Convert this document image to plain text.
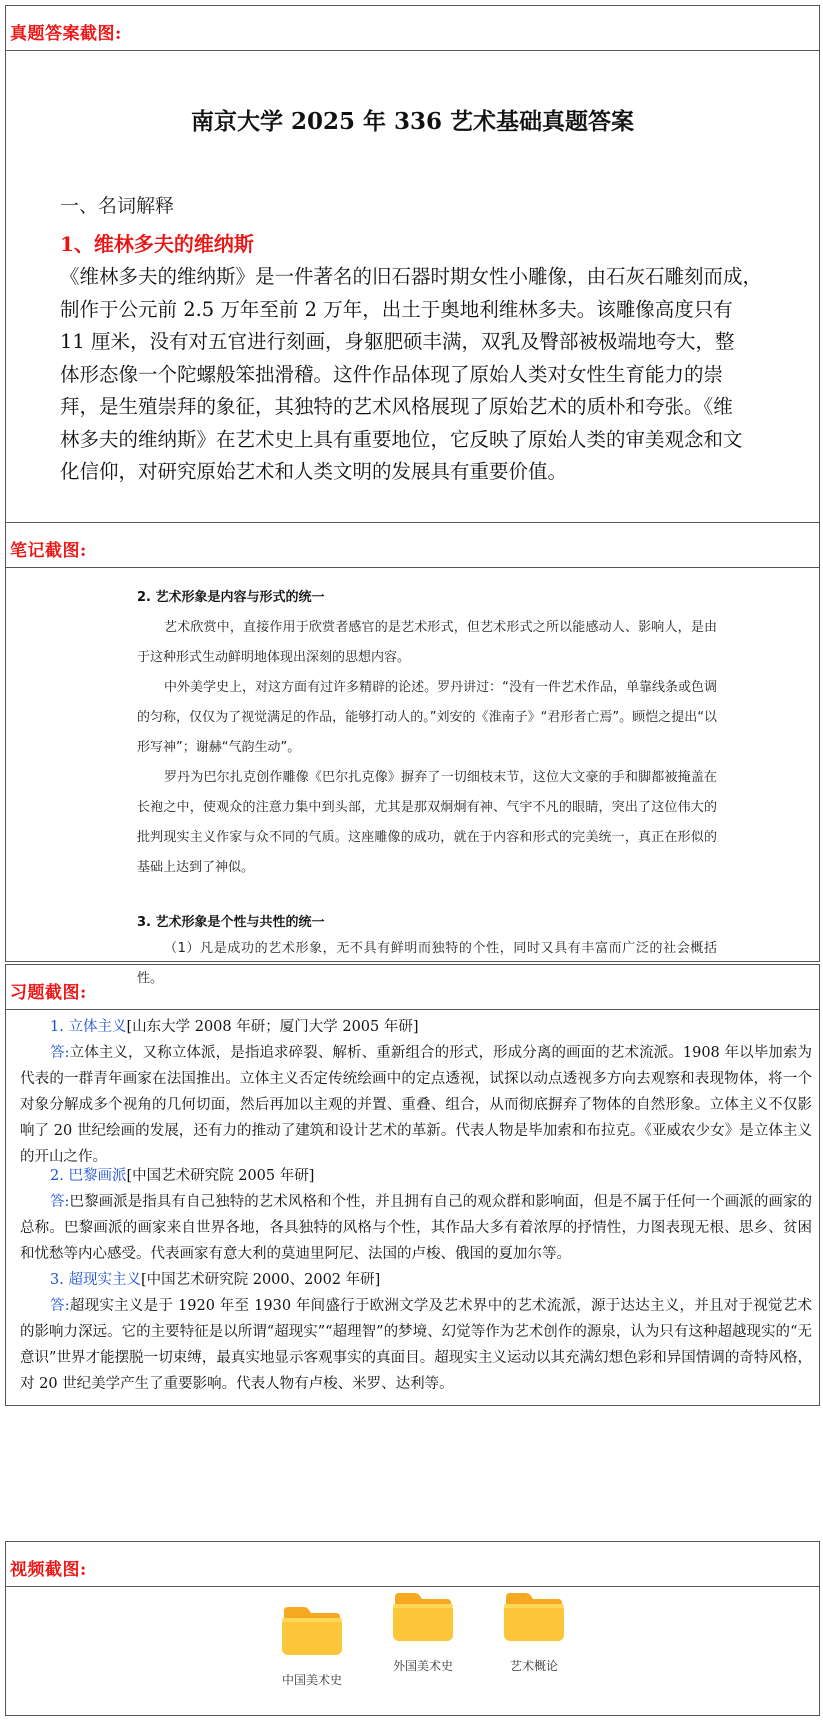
真题答案截图:
南京大学 2025 年 336 艺术基础真题答案
一、名词解释
1、维林多夫的维纳斯
《维林多夫的维纳斯》是一件著名的旧石器时期女性小雕像，由石灰石雕刻而成，
制作于公元前 2.5 万年至前 2 万年，出土于奥地利维林多夫。该雕像高度只有
11 厘米，没有对五官进行刻画，身躯肥硕丰满，双乳及臀部被极端地夸大，整
体形态像一个陀螺般笨拙滑稽。这件作品体现了原始人类对女性生育能力的崇
拜，是生殖崇拜的象征，其独特的艺术风格展现了原始艺术的质朴和夸张。《维
林多夫的维纳斯》在艺术史上具有重要地位，它反映了原始人类的审美观念和文
化信仰，对研究原始艺术和人类文明的发展具有重要价值。
笔记截图:
2. 艺术形象是内容与形式的统一
艺术欣赏中，直接作用于欣赏者感官的是艺术形式，但艺术形式之所以能感动人、影响人，是由于这种形式生动鲜明地体现出深刻的思想内容。
中外美学史上，对这方面有过许多精辟的论述。罗丹讲过：“没有一件艺术作品，单靠线条或色调的匀称，仅仅为了视觉满足的作品，能够打动人的。”刘安的《淮南子》“君形者亡焉”。顾恺之提出“以形写神”；谢赫“气韵生动”。
罗丹为巴尔扎克创作雕像《巴尔扎克像》摒弃了一切细枝末节，这位大文豪的手和脚都被掩盖在长袍之中，使观众的注意力集中到头部，尤其是那双炯炯有神、气宇不凡的眼睛，突出了这位伟大的批判现实主义作家与众不同的气质。这座雕像的成功，就在于内容和形式的完美统一，真正在形似的基础上达到了神似。
3. 艺术形象是个性与共性的统一
（1）凡是成功的艺术形象，无不具有鲜明而独特的个性，同时又具有丰富而广泛的社会概括性。
习题截图:
1. 立体主义[山东大学 2008 年研；厦门大学 2005 年研]
答:立体主义，又称立体派，是指追求碎裂、解析、重新组合的形式，形成分离的画面的艺术流派。1908 年以毕加索为代表的一群青年画家在法国推出。立体主义否定传统绘画中的定点透视，试探以动点透视多方向去观察和表现物体，将一个对象分解成多个视角的几何切面，然后再加以主观的并置、重叠、组合，从而彻底摒弃了物体的自然形象。立体主义不仅影响了 20 世纪绘画的发展，还有力的推动了建筑和设计艺术的革新。代表人物是毕加索和布拉克。《亚威农少女》是立体主义的开山之作。
2. 巴黎画派[中国艺术研究院 2005 年研]
答:巴黎画派是指具有自己独特的艺术风格和个性，并且拥有自己的观众群和影响面，但是不属于任何一个画派的画家的总称。巴黎画派的画家来自世界各地，各具独特的风格与个性，其作品大多有着浓厚的抒情性，力图表现无根、思乡、贫困和忧愁等内心感受。代表画家有意大利的莫迪里阿尼、法国的卢梭、俄国的夏加尔等。
3. 超现实主义[中国艺术研究院 2000、2002 年研]
答:超现实主义是于 1920 年至 1930 年间盛行于欧洲文学及艺术界中的艺术流派，源于达达主义，并且对于视觉艺术的影响力深远。它的主要特征是以所谓“超现实”“超理智”的梦境、幻觉等作为艺术创作的源泉，认为只有这种超越现实的“无意识”世界才能摆脱一切束缚，最真实地显示客观事实的真面目。超现实主义运动以其充满幻想色彩和异国情调的奇特风格，对 20 世纪美学产生了重要影响。代表人物有卢梭、米罗、达利等。
视频截图:
中国美术史
外国美术史	艺术概论
